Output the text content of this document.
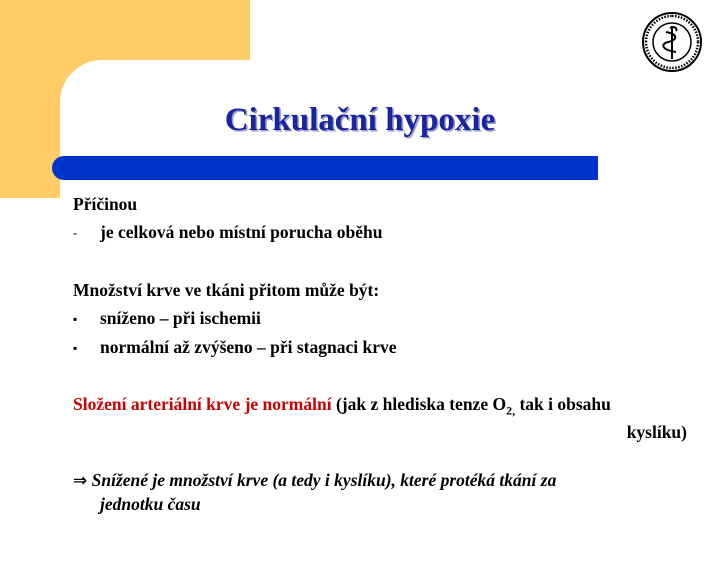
Cirkulační hypoxie
Příčinou
- je celková nebo místní porucha oběhu
Množství krve ve tkáni přitom může být:
▪ sníženo – při ischemii
▪ normální až zvýšeno – při stagnaci krve
Složení arteriální krve je normální (jak z hlediska tenze $O_{2,}$ tak i obsahu
kyslíku)
⇒ Snížené je množství krve (a tedy i kyslíku), které protéká tkání za
jednotku času
